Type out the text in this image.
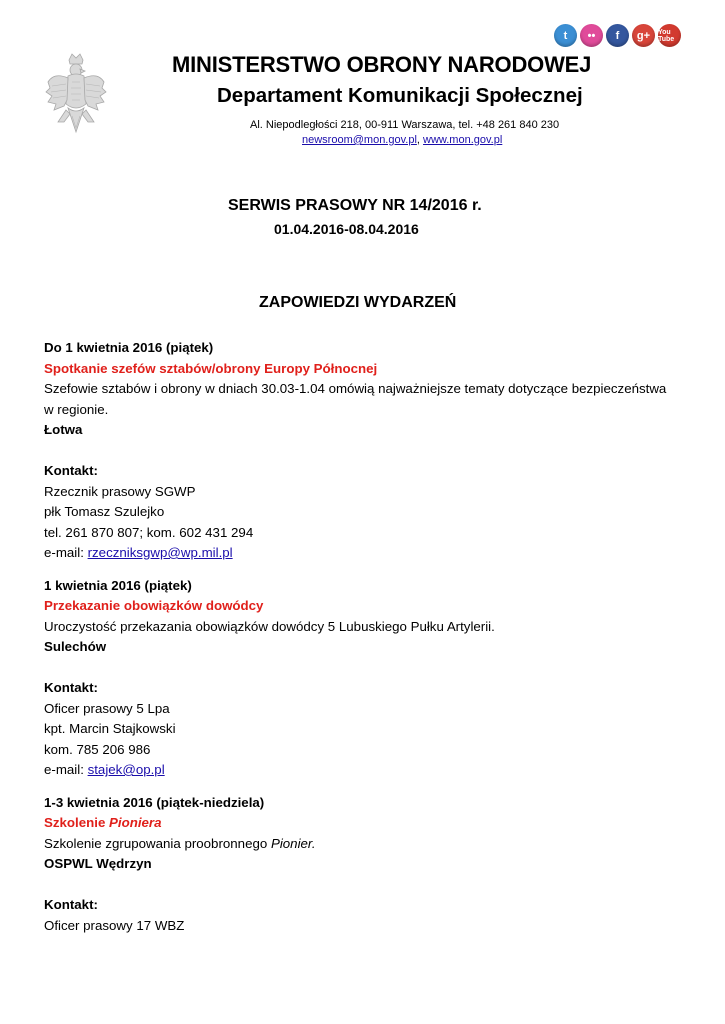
t	••	f	g+	You Tube
MINISTERSTWO OBRONY NARODOWEJ
Departament Komunikacji Społecznej
Al. Niepodległości 218, 00-911 Warszawa, tel. +48 261 840 230
newsroom@mon.gov.pl, www.mon.gov.pl
SERWIS PRASOWY NR 14/2016 r.
01.04.2016-08.04.2016
ZAPOWIEDZI WYDARZEŃ
Do 1 kwietnia 2016 (piątek)
Spotkanie szefów sztabów/obrony Europy Północnej
Szefowie sztabów i obrony w dniach 30.03-1.04 omówią najważniejsze tematy dotyczące bezpieczeństwa
w regionie.
Łotwa
Kontakt:
Rzecznik prasowy SGWP
płk Tomasz Szulejko
tel. 261 870 807; kom. 602 431 294
e-mail: rzeczniksgwp@wp.mil.pl
1 kwietnia 2016 (piątek)
Przekazanie obowiązków dowódcy
Uroczystość przekazania obowiązków dowódcy 5 Lubuskiego Pułku Artylerii.
Sulechów
Kontakt:
Oficer prasowy 5 Lpa
kpt. Marcin Stajkowski
kom. 785 206 986
e-mail: stajek@op.pl
1-3 kwietnia 2016 (piątek-niedziela)
Szkolenie Pioniera
Szkolenie zgrupowania proobronnego Pionier.
OSPWL Wędrzyn
Kontakt:
Oficer prasowy 17 WBZ
